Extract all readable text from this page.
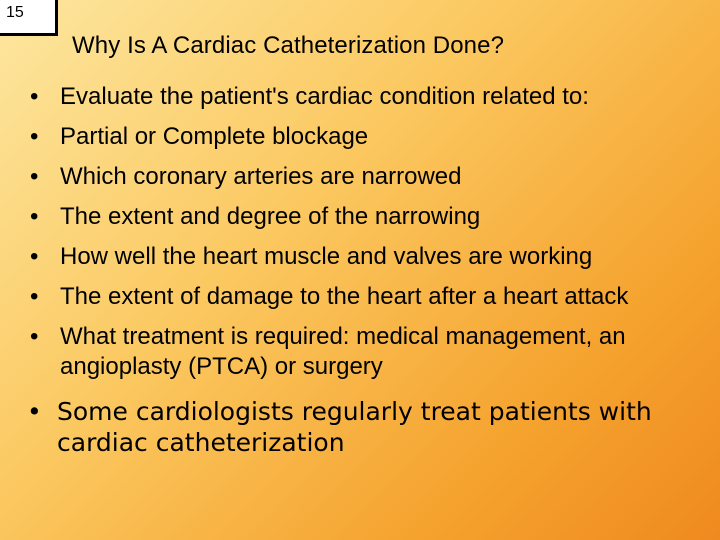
15
Why Is A Cardiac Catheterization Done?
• Evaluate the patient's cardiac condition related to:
• Partial or Complete blockage
• Which coronary arteries are narrowed
• The extent and degree of the narrowing
• How well the heart muscle and valves are working
• The extent of damage to the heart after a heart attack
• What treatment is required: medical management, an angioplasty (PTCA) or surgery
• Some cardiologists regularly treat patients with cardiac catheterization
